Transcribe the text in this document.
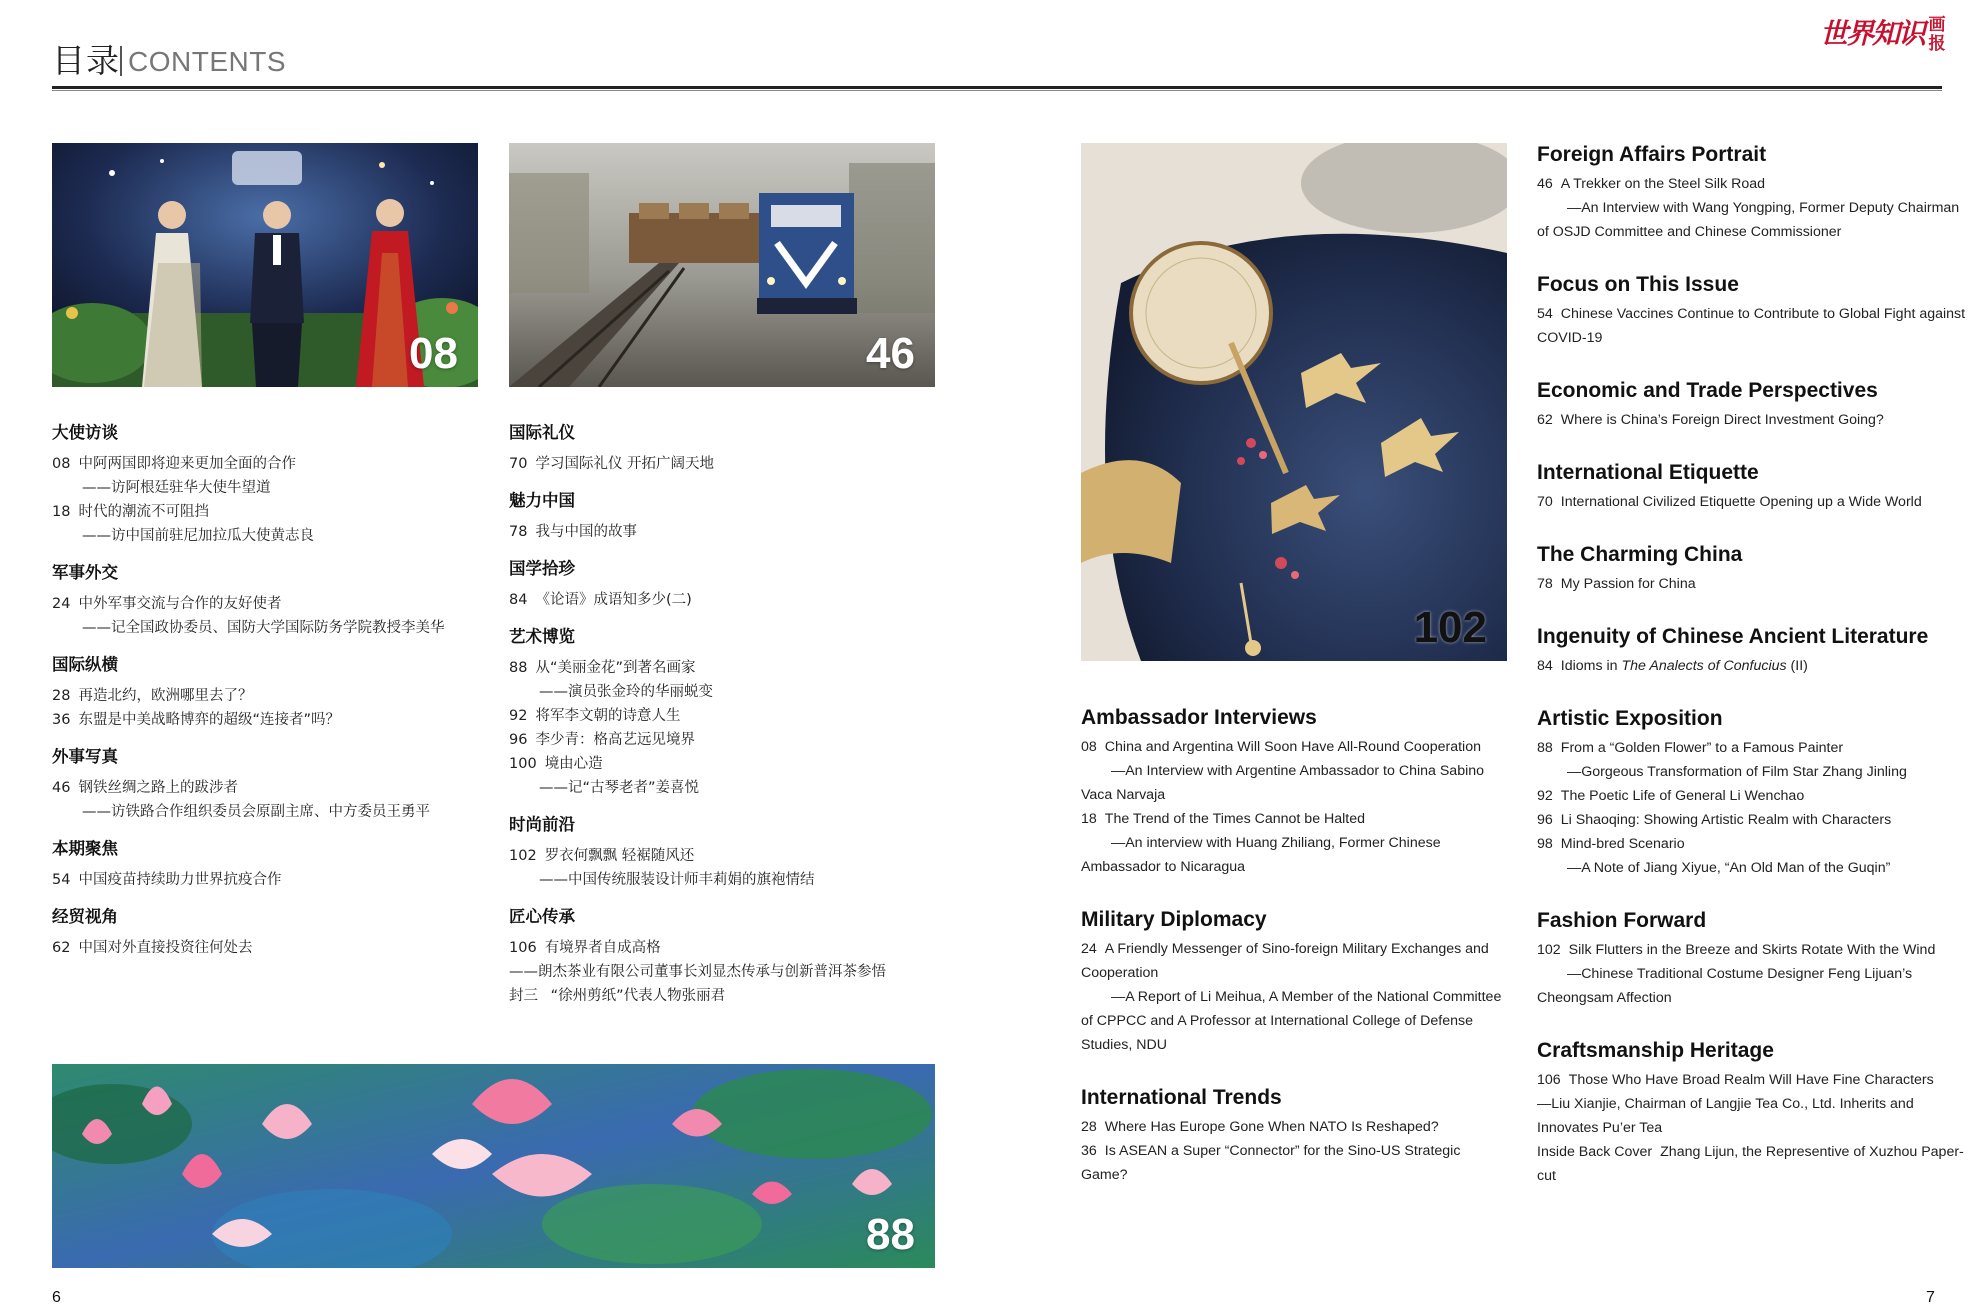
目录 CONTENTS
世界知识 画报
08	46
102
88
大使访谈
08 中阿两国即将迎来更加全面的合作
——访阿根廷驻华大使牛望道
18 时代的潮流不可阻挡
——访中国前驻尼加拉瓜大使黄志良
军事外交
24 中外军事交流与合作的友好使者
——记全国政协委员、国防大学国际防务学院教授李美华
国际纵横
28 再造北约，欧洲哪里去了？
36 东盟是中美战略博弈的超级“连接者”吗？
外事写真
46 钢铁丝绸之路上的跋涉者
——访铁路合作组织委员会原副主席、中方委员王勇平
本期聚焦
54 中国疫苗持续助力世界抗疫合作
经贸视角
62 中国对外直接投资往何处去
国际礼仪
70 学习国际礼仪 开拓广阔天地
魅力中国
78 我与中国的故事
国学拾珍
84 《论语》成语知多少(二)
艺术博览
88 从“美丽金花”到著名画家
——演员张金玲的华丽蜕变
92 将军李文朝的诗意人生
96 李少青：格高艺远见境界
100 境由心造
——记“古琴老者”姜喜悦
时尚前沿
102 罗衣何飘飘 轻裾随风还
——中国传统服装设计师丰莉娟的旗袍情结
匠心传承
106 有境界者自成高格
——朗杰茶业有限公司董事长刘显杰传承与创新普洱茶参悟
封三 “徐州剪纸”代表人物张丽君
Ambassador Interviews
08 China and Argentina Will Soon Have All-Round Cooperation
—An Interview with Argentine Ambassador to China Sabino Vaca Narvaja
18 The Trend of the Times Cannot be Halted
—An interview with Huang Zhiliang, Former Chinese Ambassador to Nicaragua
Military Diplomacy
24 A Friendly Messenger of Sino-foreign Military Exchanges and Cooperation
—A Report of Li Meihua, A Member of the National Committee of CPPCC and A Professor at International College of Defense Studies, NDU
International Trends
28 Where Has Europe Gone When NATO Is Reshaped?
36 Is ASEAN a Super “Connector” for the Sino-US Strategic Game?
Foreign Affairs Portrait
46 A Trekker on the Steel Silk Road
—An Interview with Wang Yongping, Former Deputy Chairman of OSJD Committee and Chinese Commissioner
Focus on This Issue
54 Chinese Vaccines Continue to Contribute to Global Fight against COVID-19
Economic and Trade Perspectives
62 Where is China’s Foreign Direct Investment Going?
International Etiquette
70 International Civilized Etiquette Opening up a Wide World
The Charming China
78 My Passion for China
Ingenuity of Chinese Ancient Literature
84 Idioms in The Analects of Confucius (II)
Artistic Exposition
88 From a “Golden Flower” to a Famous Painter
—Gorgeous Transformation of Film Star Zhang Jinling
92 The Poetic Life of General Li Wenchao
96 Li Shaoqing: Showing Artistic Realm with Characters
98 Mind-bred Scenario
—A Note of Jiang Xiyue, “An Old Man of the Guqin”
Fashion Forward
102 Silk Flutters in the Breeze and Skirts Rotate With the Wind
—Chinese Traditional Costume Designer Feng Lijuan’s Cheongsam Affection
Craftsmanship Heritage
106 Those Who Have Broad Realm Will Have Fine Characters
—Liu Xianjie, Chairman of Langjie Tea Co., Ltd. Inherits and Innovates Pu’er Tea
Inside Back Cover Zhang Lijun, the Representive of Xuzhou Paper-cut
6	7
